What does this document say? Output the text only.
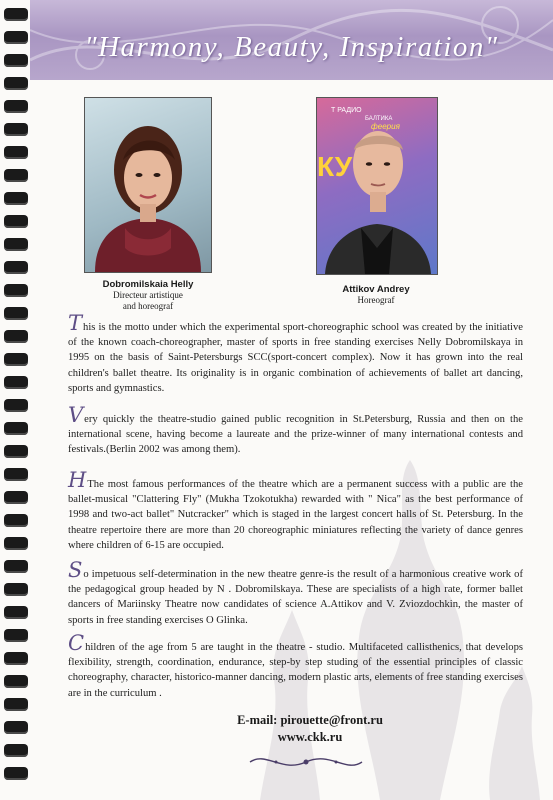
"Harmony, Beauty, Inspiration"
Dobromilskaia Helly
Directeur artistique
and horeograf
Т РАДИО
БАЛТИКА
феерия
КУ
Attikov Andrey
Horeograf
This is the motto under which the experimental sport-choreographic school was created by the initiative of the known coach-choreographer, master of sports in free standing exercises Nelly Dobromilskaya in 1995 on the basis of Saint-Petersburgs SCC(sport-concert complex). Now it has grown into the real children's ballet theatre. Its originality is in organic combination of achievements of ballet art dancing, sports and gymnastics.
Very quickly the theatre-studio gained public recognition in St.Petersburg, Russia and then on the international scene, having become a laureate and the prize-winner of many international contests and festivals.(Berlin 2002 was among them).
HThe most famous performances of the theatre which are a permanent success with a public are the ballet-musical "Clattering Fly" (Mukha Tzokotukha) rewarded with " Nica" as the best performance of 1998 and two-act ballet" Nutcracker" which is staged in the largest concert halls of St. Petersburg. In the theatre repertoire there are more than 20 choreographic miniatures reflecting the variety of dance genres where children of 6-15 are occupied.
So impetuous self-determination in the new theatre genre-is the result of a harmonious creative work of the pedagogical group headed by N . Dobromilskaya. These are specialists of a high rate, former ballet dancers of Mariinsky Theatre now candidates of science A.Attikov and V. Zviozdochkin, the master of sports in free standing exercises O Glinka.
Children of the age from 5 are taught in the theatre - studio. Multifaceted callisthenics, that develops flexibility, strength, coordination, endurance, step-by step studing of the essential principles of classic choreography, character, historico-manner dancing, modern plastic arts, elements of free standing exercises are in the curriculum .
E-mail: pirouette@front.ru
www.ckk.ru
